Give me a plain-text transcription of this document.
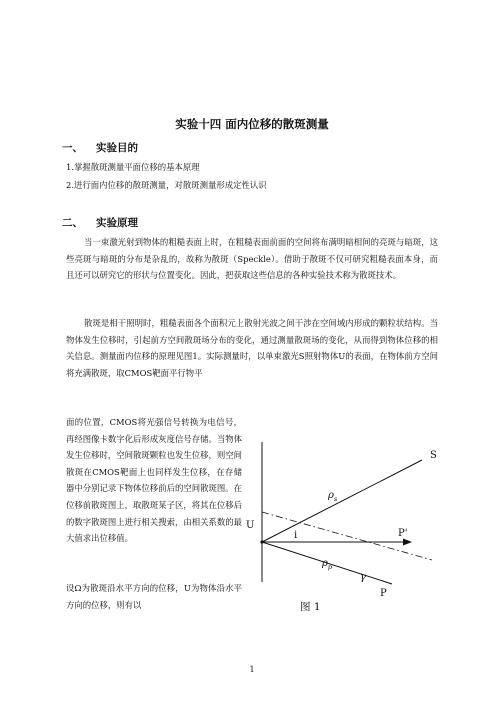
实验十四 面内位移的散斑测量
一、 实验目的
1.掌握散斑测量平面位移的基本原理
2.进行面内位移的散斑测量，对散斑测量形成定性认识
二、 实验原理

当一束激光射到物体的粗糙表面上时，在粗糙表面前面的空间将布满明暗相间的亮斑与暗斑，这些亮斑与暗斑的分布是杂乱的，故称为散斑（Speckle）。借助于散斑不仅可研究粗糙表面本身，而且还可以研究它的形状与位置变化。因此，把获取这些信息的各种实验技术称为散斑技术。

散斑是相干照明时，粗糙表面各个面积元上散射光波之间干涉在空间域内形成的颗粒状结构。当物体发生位移时，引起前方空间散斑场分布的变化，通过测量散斑场的变化，从而得到物体位移的相关信息。测量面内位移的原理见图1。实际测量时，以单束激光S照射物体U的表面，在物体前方空间将充满散斑，取CMOS靶面平行物平

面的位置，CMOS将光强信号转换为电信号，再经图像卡数字化后形成灰度信号存储。当物体发生位移时，空间散斑颗粒也发生位移，则空间散斑在CMOS靶面上也同样发生位移，在存储器中分别记录下物体位移前后的空间散斑图。在位移前散斑图上，取散斑某子区，将其在位移后的数字散斑图上进行相关搜索，由相关系数的最大值求出位移值。

设Ω为散斑沿水平方向的位移，U为物体沿水平方向的位移，则有以

S
U
P'
P
i
$\rho_s$
$\rho_p$
γ
图 1
1
